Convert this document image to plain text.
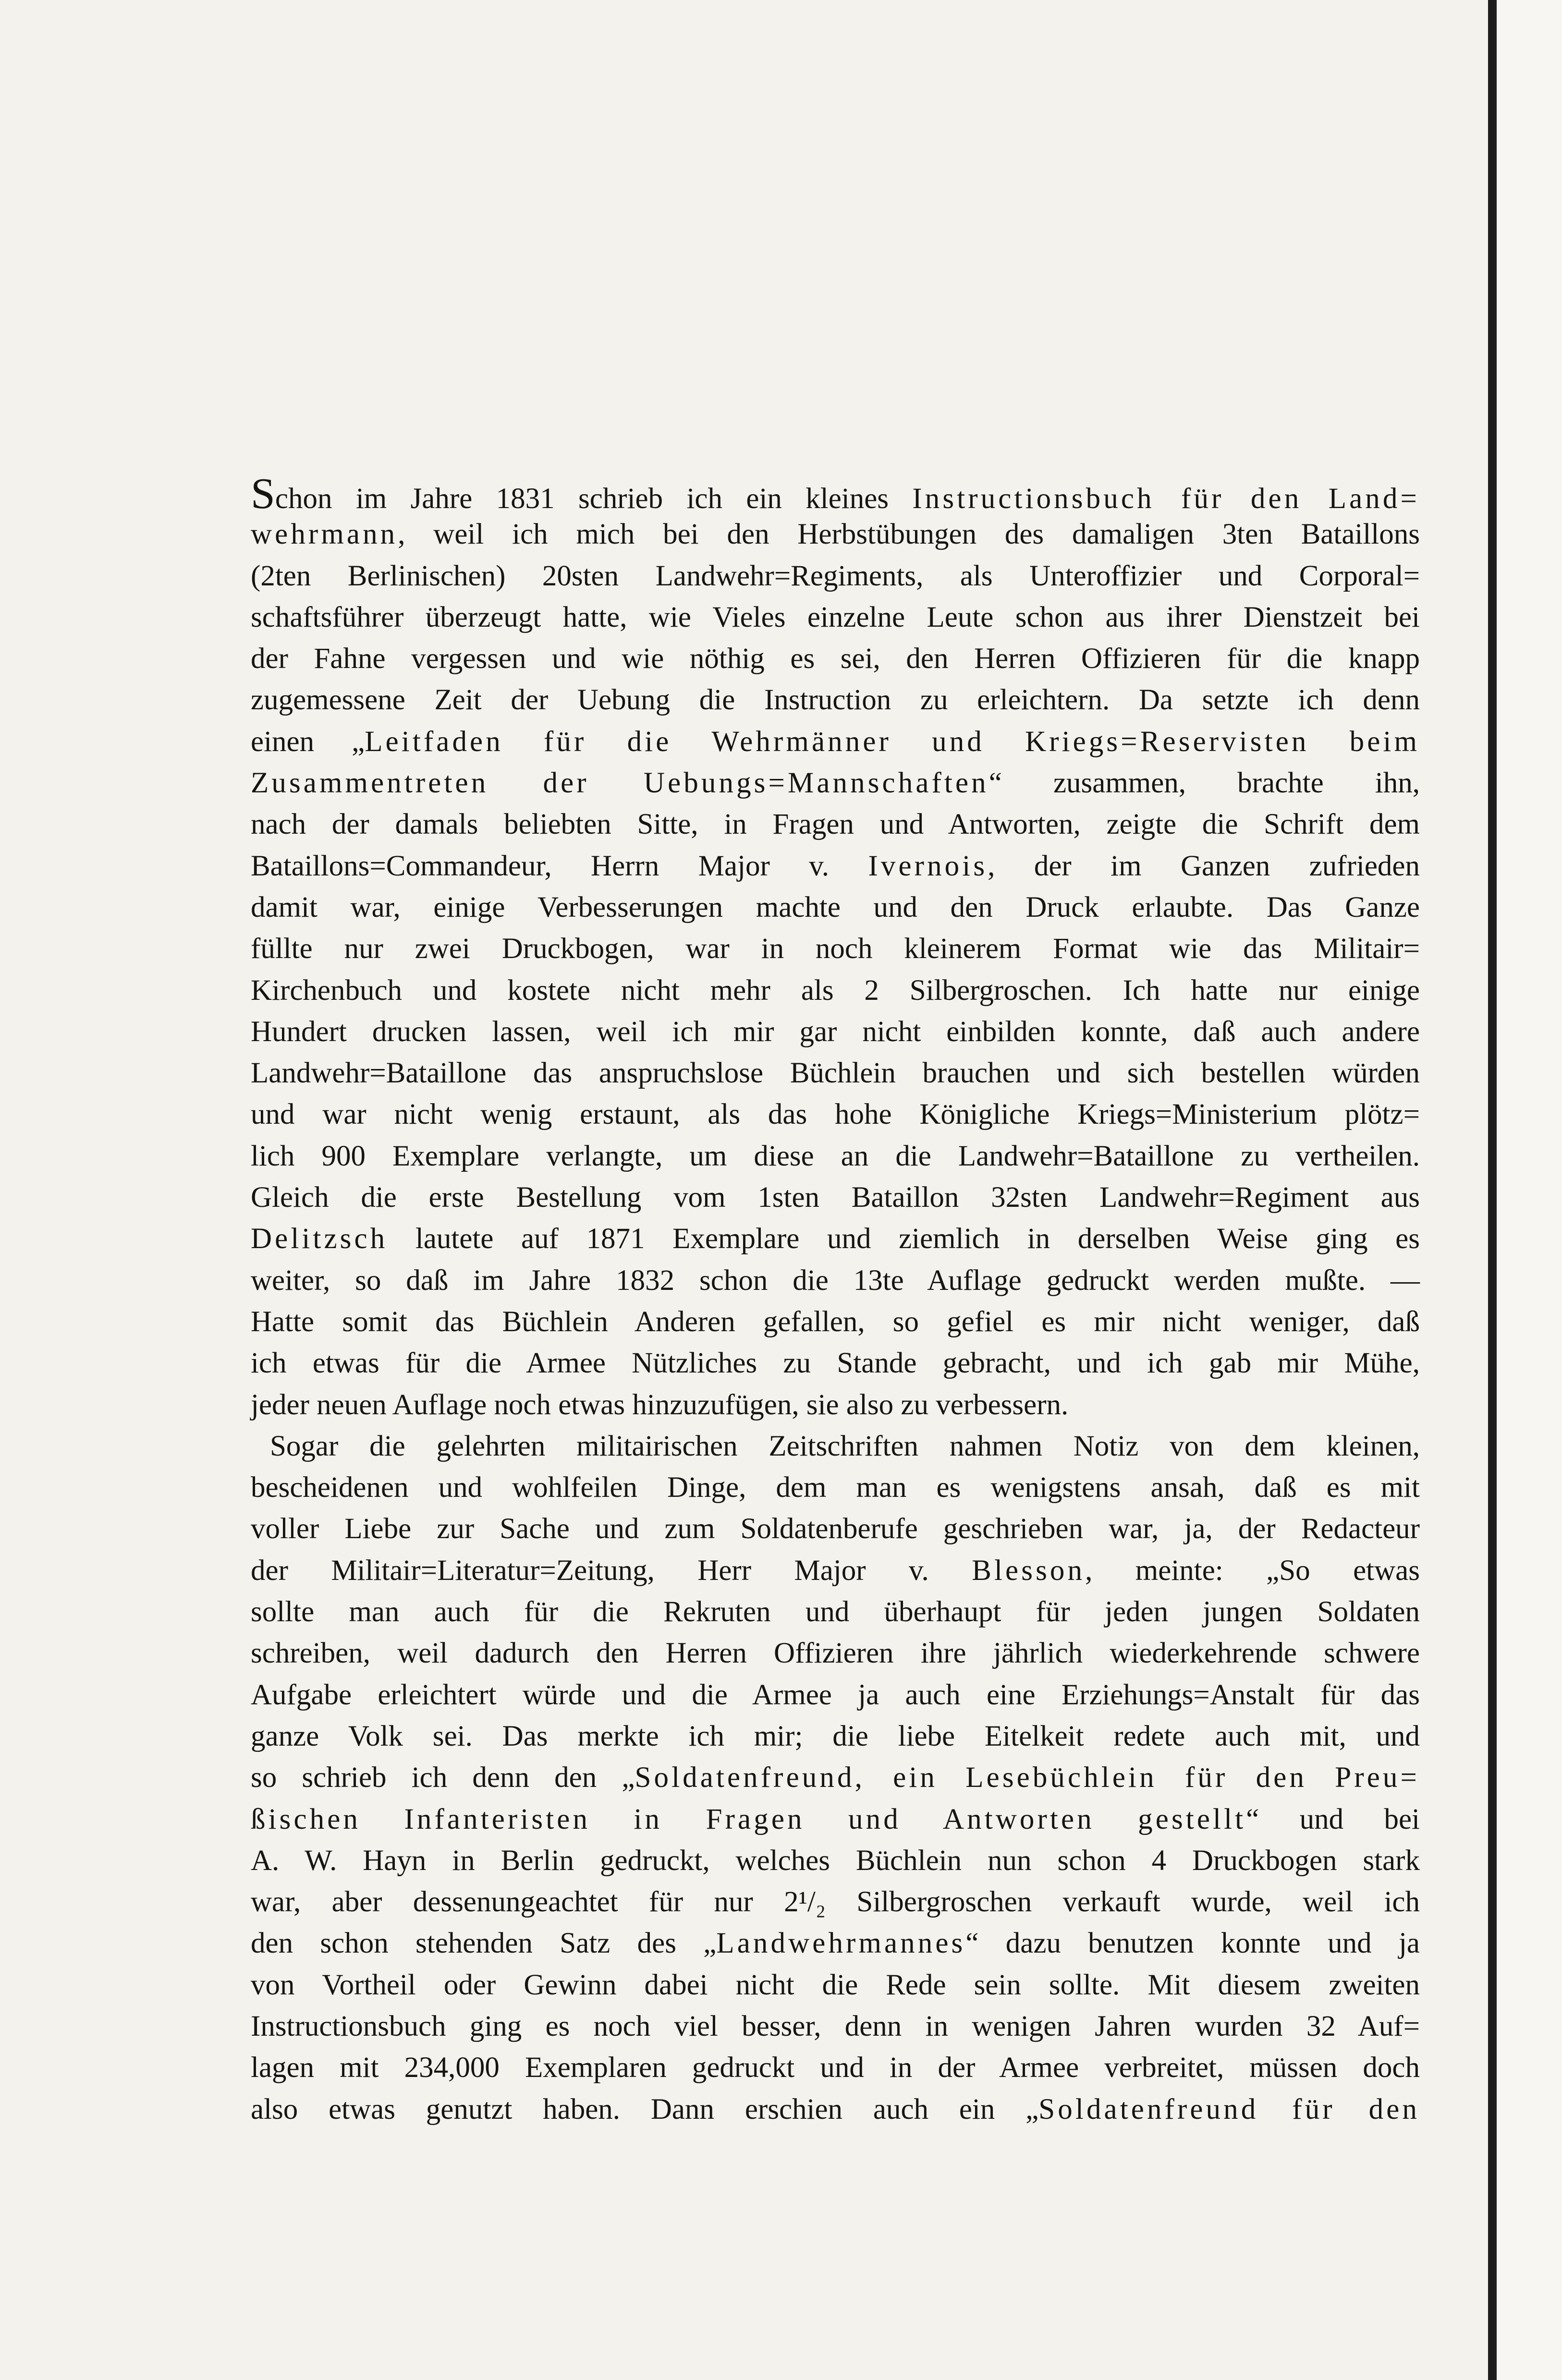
Schon im Jahre 1831 schrieb ich ein kleines Instructionsbuch für den Land=
wehrmann, weil ich mich bei den Herbstübungen des damaligen 3ten Bataillons
(2ten Berlinischen) 20sten Landwehr=Regiments, als Unteroffizier und Corporal=
schaftsführer überzeugt hatte, wie Vieles einzelne Leute schon aus ihrer Dienstzeit bei
der Fahne vergessen und wie nöthig es sei, den Herren Offizieren für die knapp
zugemessene Zeit der Uebung die Instruction zu erleichtern. Da setzte ich denn
einen „Leitfaden für die Wehrmänner und Kriegs=Reservisten beim
Zusammentreten der Uebungs=Mannschaften“ zusammen, brachte ihn,
nach der damals beliebten Sitte, in Fragen und Antworten, zeigte die Schrift dem
Bataillons=Commandeur, Herrn Major v. Ivernois, der im Ganzen zufrieden
damit war, einige Verbesserungen machte und den Druck erlaubte. Das Ganze
füllte nur zwei Druckbogen, war in noch kleinerem Format wie das Militair=
Kirchenbuch und kostete nicht mehr als 2 Silbergroschen. Ich hatte nur einige
Hundert drucken lassen, weil ich mir gar nicht einbilden konnte, daß auch andere
Landwehr=Bataillone das anspruchslose Büchlein brauchen und sich bestellen würden
und war nicht wenig erstaunt, als das hohe Königliche Kriegs=Ministerium plötz=
lich 900 Exemplare verlangte, um diese an die Landwehr=Bataillone zu vertheilen.
Gleich die erste Bestellung vom 1sten Bataillon 32sten Landwehr=Regiment aus
Delitzsch lautete auf 1871 Exemplare und ziemlich in derselben Weise ging es
weiter, so daß im Jahre 1832 schon die 13te Auflage gedruckt werden mußte. —
Hatte somit das Büchlein Anderen gefallen, so gefiel es mir nicht weniger, daß
ich etwas für die Armee Nützliches zu Stande gebracht, und ich gab mir Mühe,
jeder neuen Auflage noch etwas hinzuzufügen, sie also zu verbessern.
Sogar die gelehrten militairischen Zeitschriften nahmen Notiz von dem kleinen,
bescheidenen und wohlfeilen Dinge, dem man es wenigstens ansah, daß es mit
voller Liebe zur Sache und zum Soldatenberufe geschrieben war, ja, der Redacteur
der Militair=Literatur=Zeitung, Herr Major v. Blesson, meinte: „So etwas
sollte man auch für die Rekruten und überhaupt für jeden jungen Soldaten
schreiben, weil dadurch den Herren Offizieren ihre jährlich wiederkehrende schwere
Aufgabe erleichtert würde und die Armee ja auch eine Erziehungs=Anstalt für das
ganze Volk sei. Das merkte ich mir; die liebe Eitelkeit redete auch mit, und
so schrieb ich denn den „Soldatenfreund, ein Lesebüchlein für den Preu=
ßischen Infanteristen in Fragen und Antworten gestellt“ und bei
A. W. Hayn in Berlin gedruckt, welches Büchlein nun schon 4 Druckbogen stark
war, aber dessenungeachtet für nur 2¹/₂ Silbergroschen verkauft wurde, weil ich
den schon stehenden Satz des „Landwehrmannes“ dazu benutzen konnte und ja
von Vortheil oder Gewinn dabei nicht die Rede sein sollte. Mit diesem zweiten
Instructionsbuch ging es noch viel besser, denn in wenigen Jahren wurden 32 Auf=
lagen mit 234,000 Exemplaren gedruckt und in der Armee verbreitet, müssen doch
also etwas genutzt haben. Dann erschien auch ein „Soldatenfreund für den
